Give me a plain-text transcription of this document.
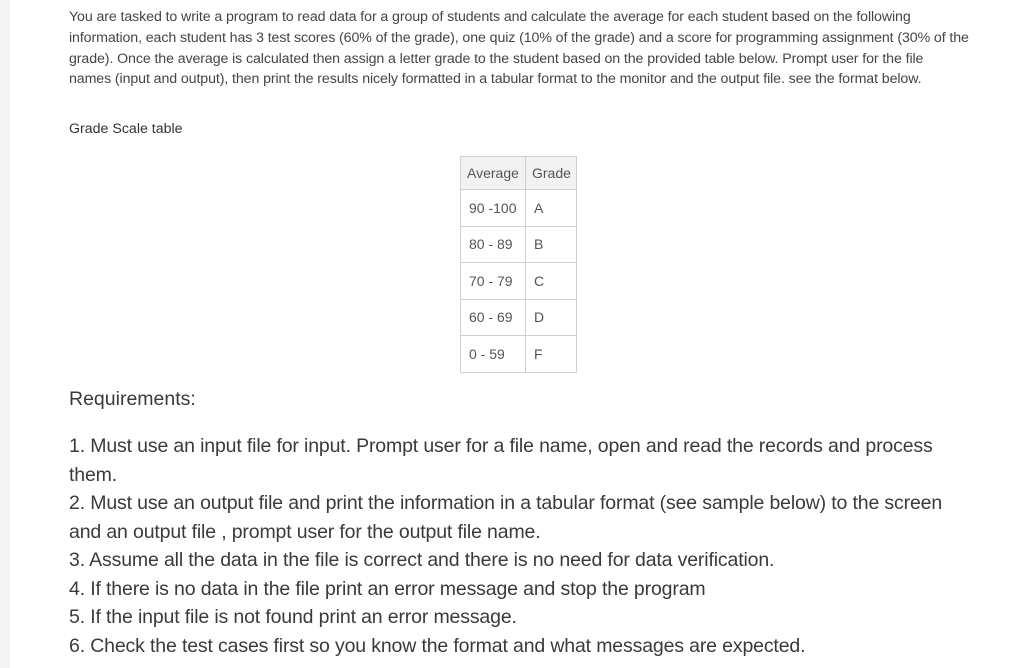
You are tasked to write a program to read data for a group of students and calculate the average for each student based on the following information, each student has 3 test scores (60% of the grade), one quiz (10% of the grade) and a score for programming assignment (30% of the grade). Once the average is calculated then assign a letter grade to the student based on the provided table below. Prompt user for the file names (input and output), then print the results nicely formatted in a tabular format to the monitor and the output file. see the format below.

Grade Scale table

Average	Grade
90 -100	A
80 - 89	B
70 - 79	C
60 - 69	D
0 - 59	F
Requirements:
1. Must use an input file for input. Prompt user for a file name, open and read the records and process them.
2. Must use an output file and print the information in a tabular format (see sample below) to the screen and an output file , prompt user for the output file name.
3. Assume all the data in the file is correct and there is no need for data verification.
4. If there is no data in the file print an error message and stop the program
5. If the input file is not found print an error message.
6. Check the test cases first so you know the format and what messages are expected.
